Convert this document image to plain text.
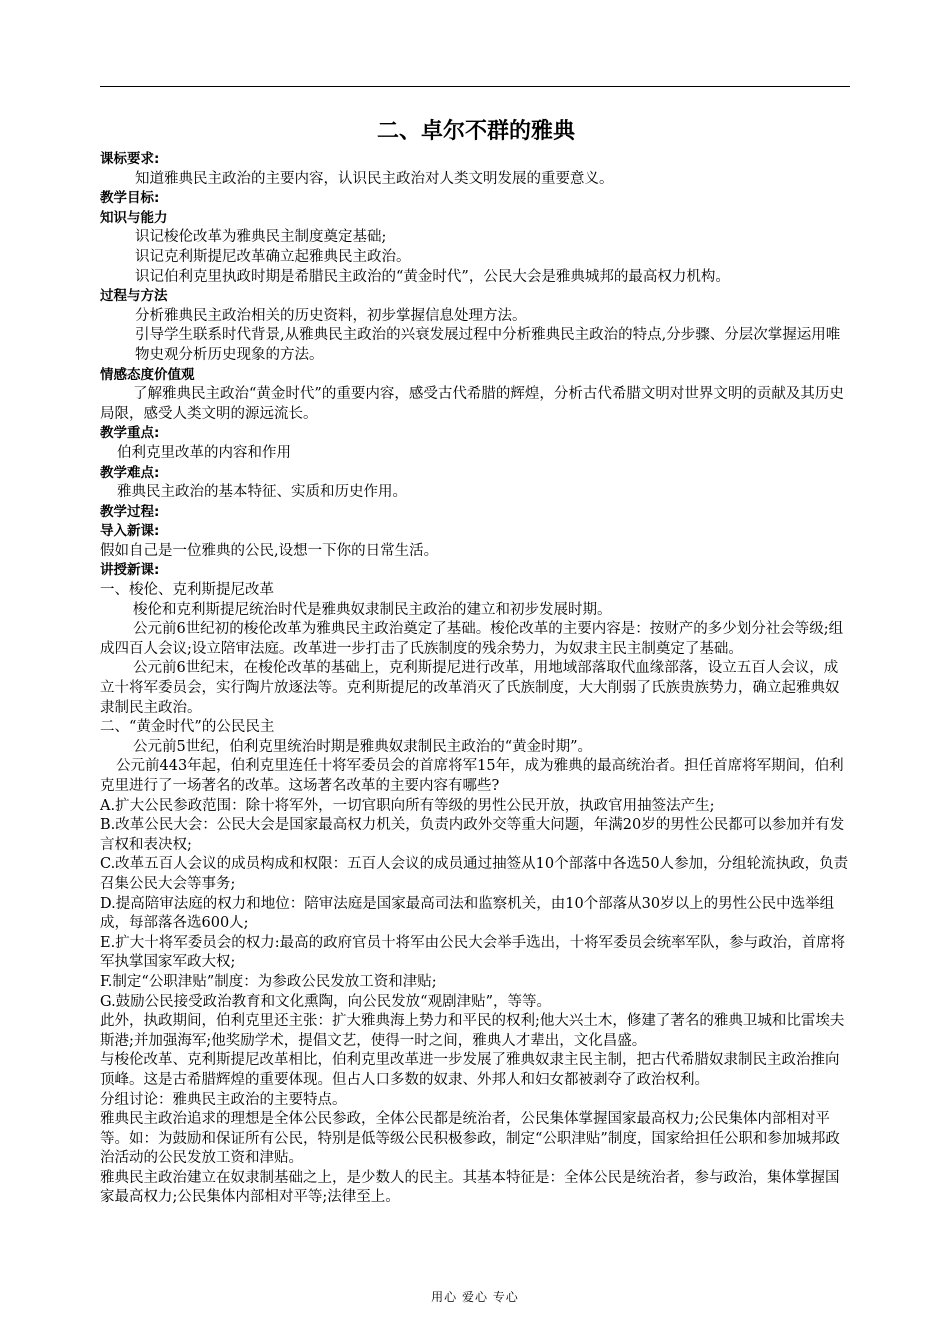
二、卓尔不群的雅典
课标要求:
知道雅典民主政治的主要内容，认识民主政治对人类文明发展的重要意义。
教学目标:
知识与能力
识记梭伦改革为雅典民主制度奠定基础;
识记克利斯提尼改革确立起雅典民主政治。
识记伯利克里执政时期是希腊民主政治的“黄金时代”，公民大会是雅典城邦的最高权力机构。
过程与方法
分析雅典民主政治相关的历史资料，初步掌握信息处理方法。
引导学生联系时代背景,从雅典民主政治的兴衰发展过程中分析雅典民主政治的特点,分步骤、分层次掌握运用唯物史观分析历史现象的方法。
情感态度价值观
了解雅典民主政治“黄金时代”的重要内容，感受古代希腊的辉煌，分析古代希腊文明对世界文明的贡献及其历史局限，感受人类文明的源远流长。
教学重点:
伯利克里改革的内容和作用
教学难点:
雅典民主政治的基本特征、实质和历史作用。
教学过程:
导入新课:
假如自己是一位雅典的公民,设想一下你的日常生活。
讲授新课:
一、梭伦、克利斯提尼改革
梭伦和克利斯提尼统治时代是雅典奴隶制民主政治的建立和初步发展时期。
公元前6世纪初的梭伦改革为雅典民主政治奠定了基础。梭伦改革的主要内容是：按财产的多少划分社会等级;组成四百人会议;设立陪审法庭。改革进一步打击了氏族制度的残余势力，为奴隶主民主制奠定了基础。
公元前6世纪末，在梭伦改革的基础上，克利斯提尼进行改革，用地域部落取代血缘部落，设立五百人会议，成立十将军委员会，实行陶片放逐法等。克利斯提尼的改革消灭了氏族制度，大大削弱了氏族贵族势力，确立起雅典奴隶制民主政治。
二、“黄金时代”的公民民主
公元前5世纪，伯利克里统治时期是雅典奴隶制民主政治的“黄金时期”。
公元前443年起，伯利克里连任十将军委员会的首席将军15年，成为雅典的最高统治者。担任首席将军期间，伯利克里进行了一场著名的改革。这场著名改革的主要内容有哪些?
A.扩大公民参政范围：除十将军外，一切官职向所有等级的男性公民开放，执政官用抽签法产生;
B.改革公民大会：公民大会是国家最高权力机关，负责内政外交等重大问题，年满20岁的男性公民都可以参加并有发言权和表决权;
C.改革五百人会议的成员构成和权限：五百人会议的成员通过抽签从10个部落中各选50人参加，分组轮流执政，负责召集公民大会等事务;
D.提高陪审法庭的权力和地位：陪审法庭是国家最高司法和监察机关，由10个部落从30岁以上的男性公民中选举组成，每部落各选600人;
E.扩大十将军委员会的权力:最高的政府官员十将军由公民大会举手选出，十将军委员会统率军队，参与政治，首席将军执掌国家军政大权;
F.制定“公职津贴”制度：为参政公民发放工资和津贴;
G.鼓励公民接受政治教育和文化熏陶，向公民发放“观剧津贴”，等等。
此外，执政期间，伯利克里还主张：扩大雅典海上势力和平民的权利;他大兴土木，修建了著名的雅典卫城和比雷埃夫斯港;并加强海军;他奖励学术，提倡文艺，使得一时之间，雅典人才辈出，文化昌盛。
与梭伦改革、克利斯提尼改革相比，伯利克里改革进一步发展了雅典奴隶主民主制，把古代希腊奴隶制民主政治推向顶峰。这是古希腊辉煌的重要体现。但占人口多数的奴隶、外邦人和妇女都被剥夺了政治权利。
分组讨论：雅典民主政治的主要特点。
雅典民主政治追求的理想是全体公民参政，全体公民都是统治者，公民集体掌握国家最高权力;公民集体内部相对平等。如：为鼓励和保证所有公民，特别是低等级公民积极参政，制定“公职津贴”制度，国家给担任公职和参加城邦政治活动的公民发放工资和津贴。
雅典民主政治建立在奴隶制基础之上，是少数人的民主。其基本特征是：全体公民是统治者，参与政治，集体掌握国家最高权力;公民集体内部相对平等;法律至上。
用心 爱心 专心
